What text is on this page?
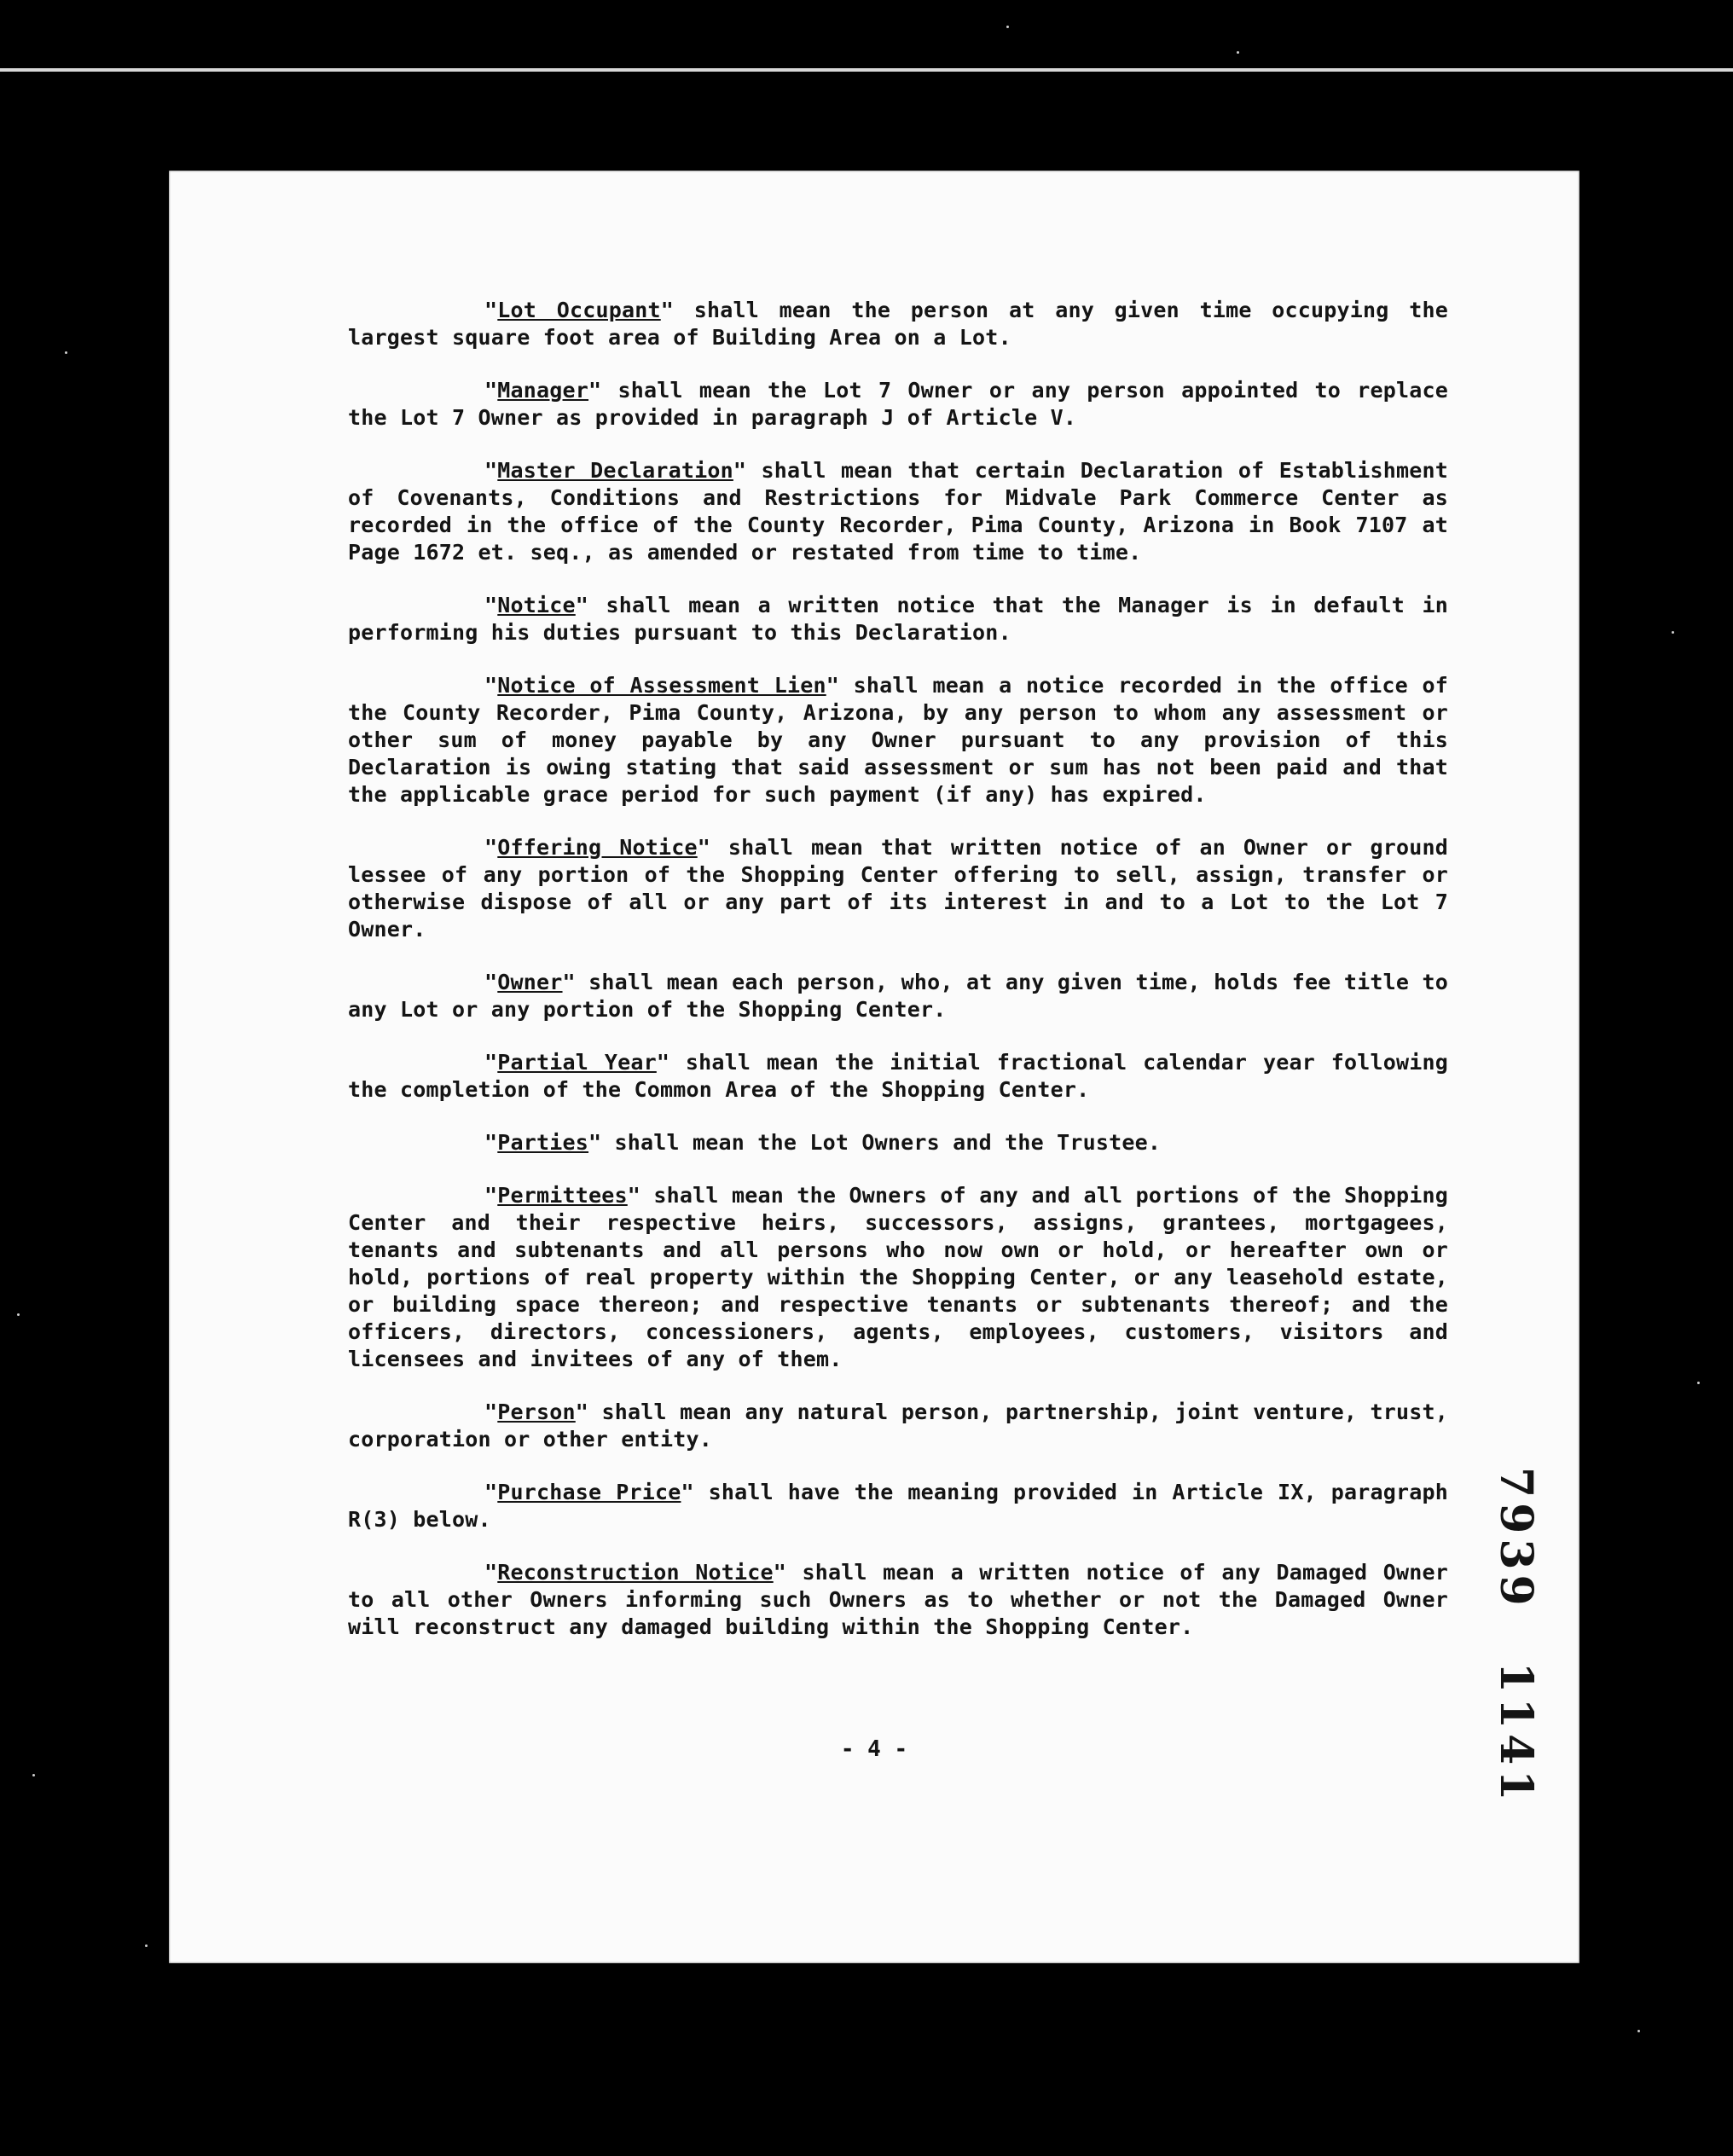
"Lot Occupant" shall mean the person at any given time occupying the largest square foot area of Building Area on a Lot.

"Manager" shall mean the Lot 7 Owner or any person appointed to replace the Lot 7 Owner as provided in paragraph J of Article V.

"Master Declaration" shall mean that certain Declaration of Establishment of Covenants, Conditions and Restrictions for Midvale Park Commerce Center as recorded in the office of the County Recorder, Pima County, Arizona in Book 7107 at Page 1672 et. seq., as amended or restated from time to time.

"Notice" shall mean a written notice that the Manager is in default in performing his duties pursuant to this Declaration.

"Notice of Assessment Lien" shall mean a notice recorded in the office of the County Recorder, Pima County, Arizona, by any person to whom any assessment or other sum of money payable by any Owner pursuant to any provision of this Declaration is owing stating that said assessment or sum has not been paid and that the applicable grace period for such payment (if any) has expired.

"Offering Notice" shall mean that written notice of an Owner or ground lessee of any portion of the Shopping Center offering to sell, assign, transfer or otherwise dispose of all or any part of its interest in and to a Lot to the Lot 7 Owner.

"Owner" shall mean each person, who, at any given time, holds fee title to any Lot or any portion of the Shopping Center.

"Partial Year" shall mean the initial fractional calendar year following the completion of the Common Area of the Shopping Center.

"Parties" shall mean the Lot Owners and the Trustee.

"Permittees" shall mean the Owners of any and all portions of the Shopping Center and their respective heirs, successors, assigns, grantees, mortgagees, tenants and subtenants and all persons who now own or hold, or hereafter own or hold, portions of real property within the Shopping Center, or any leasehold estate, or building space thereon; and respective tenants or subtenants thereof; and the officers, directors, concessioners, agents, employees, customers, visitors and licensees and invitees of any of them.

"Person" shall mean any natural person, partnership, joint venture, trust, corporation or other entity.

"Purchase Price" shall have the meaning provided in Article IX, paragraph R(3) below.

"Reconstruction Notice" shall mean a written notice of any Damaged Owner to all other Owners informing such Owners as to whether or not the Damaged Owner will reconstruct any damaged building within the Shopping Center.

- 4 -
79391141
